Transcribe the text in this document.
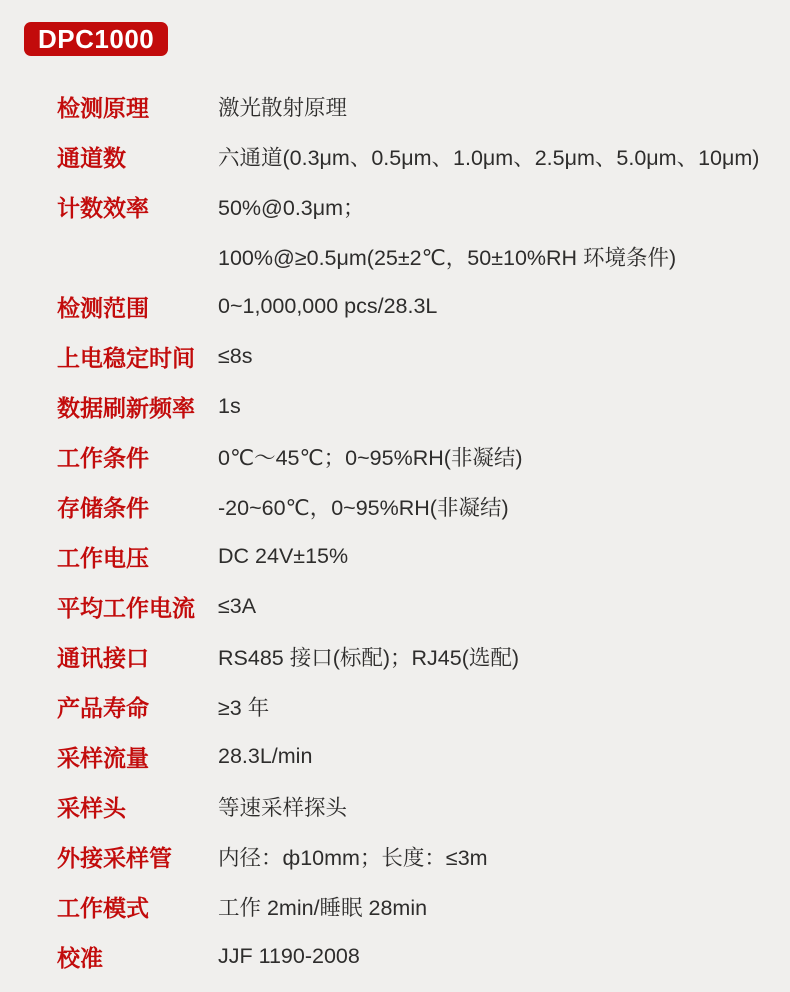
DPC1000
检测原理	激光散射原理
通道数	六通道(0.3μm、0.5μm、1.0μm、2.5μm、5.0μm、10μm)
计数效率	50%@0.3μm；
100%@≥0.5μm(25±2℃，50±10%RH 环境条件)
检测范围	0~1,000,000 pcs/28.3L
上电稳定时间	≤8s
数据刷新频率	1s
工作条件	0℃～45℃；0~95%RH(非凝结)
存储条件	-20~60℃，0~95%RH(非凝结)
工作电压	DC 24V±15%
平均工作电流	≤3A
通讯接口	RS485 接口(标配)；RJ45(选配)
产品寿命	≥3 年
采样流量	28.3L/min
采样头	等速采样探头
外接采样管	内径：ф10mm；长度：≤3m
工作模式	工作 2min/睡眠 28min
校准	JJF 1190-2008
